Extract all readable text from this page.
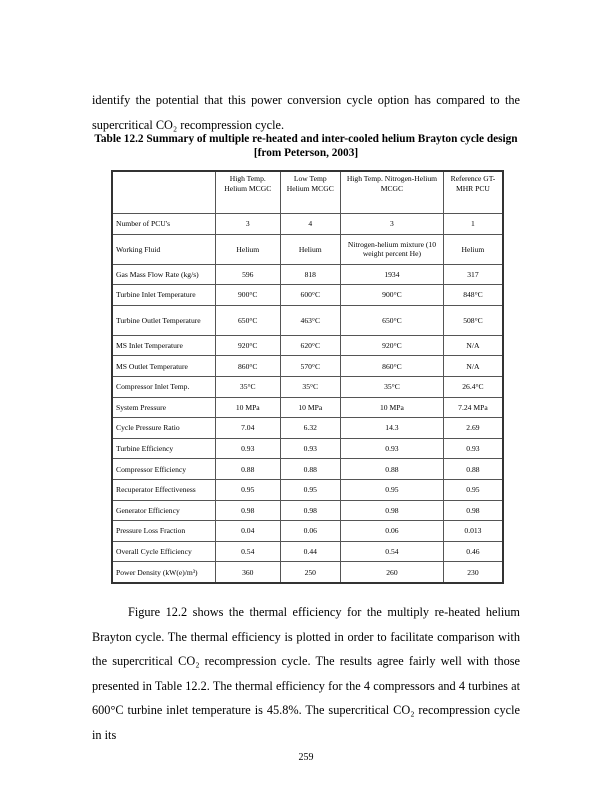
identify the potential that this power conversion cycle option has compared to the supercritical CO₂ recompression cycle.

Table 12.2 Summary of multiple re-heated and inter-cooled helium Brayton cycle design
[from Peterson, 2003]
	High Temp. Helium MCGC	Low Temp Helium MCGC	High Temp. Nitrogen-Helium MCGC	Reference GT-MHR PCU
Number of PCU's	3	4	3	1
Working Fluid	Helium	Helium	Nitrogen-helium mixture (10 weight percent He)	Helium
Gas Mass Flow Rate (kg/s)	596	818	1934	317
Turbine Inlet Temperature	900°C	600°C	900°C	848°C
Turbine Outlet Temperature	650°C	463°C	650°C	508°C
MS Inlet Temperature	920°C	620°C	920°C	N/A
MS Outlet Temperature	860°C	570°C	860°C	N/A
Compressor Inlet Temp.	35°C	35°C	35°C	26.4°C
System Pressure	10 MPa	10 MPa	10 MPa	7.24 MPa
Cycle Pressure Ratio	7.04	6.32	14.3	2.69
Turbine Efficiency	0.93	0.93	0.93	0.93
Compressor Efficiency	0.88	0.88	0.88	0.88
Recuperator Effectiveness	0.95	0.95	0.95	0.95
Generator Efficiency	0.98	0.98	0.98	0.98
Pressure Loss Fraction	0.04	0.06	0.06	0.013
Overall Cycle Efficiency	0.54	0.44	0.54	0.46
Power Density (kW(e)/m³)	360	250	260	230

Figure 12.2 shows the thermal efficiency for the multiply re-heated helium Brayton cycle. The thermal efficiency is plotted in order to facilitate comparison with the supercritical CO₂ recompression cycle. The results agree fairly well with those presented in Table 12.2. The thermal efficiency for the 4 compressors and 4 turbines at 600°C turbine inlet temperature is 45.8%. The supercritical CO₂ recompression cycle in its

259
